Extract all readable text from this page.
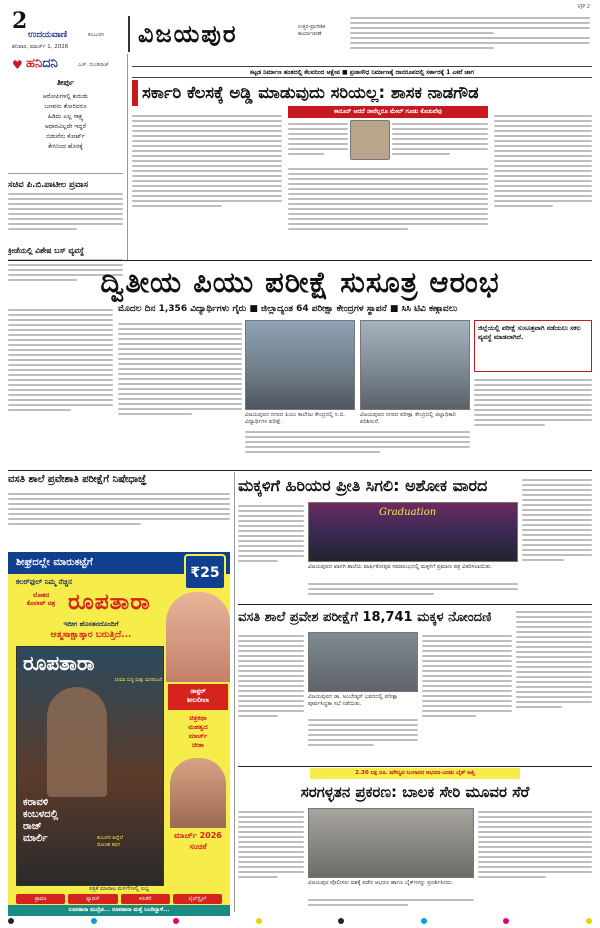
2
ಉದಯವಾಣಿ	ಕಲಬುರಗಿ
ಶನಿವಾರ, ಮಾರ್ಚ್ 1, 2026	ವಿಜಯಪುರ	ಉತ್ತರ-ಪ್ರಾದೇಶಿಕ
ಕಾರ್ಯಾಚರಣೆ
VJP 2
♥ ಹನಿದನಿ	ಎಚ್. ದುಂಡಿರಾಜ್
ತೀರ್ಪು
ಆರೋಪಿಗಳಲ್ಲಿ ಕುರುಡು
ಬಣವನು ತೋರಿದರೂ
ಹಿಡಿದು ಎಲ್ಲ ಸಾಕ್ಷ್ಯ
ಆಧಾರವಿಲ್ಲದೇ ಇದ್ದರೆ
ಬಿಡುವೆನು ಕೋರ್ಟ್
ಕೇಸಿನಿಂದ ಹೊರಕ್ಕೆ
ಸಚಿವ ಪಿ.ಬಿ.ಪಾಟೀಲ ಪ್ರವಾಸ
ಕ್ರೀಡೆಯಲ್ಲಿ ವಿಶೇಷ ಬಸ್ ವ್ಯವಸ್ಥೆ
ಕಟ್ಟಡ ನಿರ್ಮಾಣ ಹಂತದಲ್ಲಿ ಕೆಲವರಿಂದ ಆಕ್ಷೇಪ ■ ಪ್ರಜಾಸೌಧ ನಿರ್ಮಾಣಕ್ಕೆ ದಾನರೂಪದಲ್ಲಿ ಸರ್ಕಾರಕ್ಕೆ 1 ಎಕರೆ ಜಾಗ
ಸರ್ಕಾರಿ ಕೆಲಸಕ್ಕೆ ಅಡ್ಡಿ ಮಾಡುವುದು ಸರಿಯಲ್ಲ: ಶಾಸಕ ನಾಡಗೌಡ
ಕಾನೂನ್ ಆದರೆ ನಾವೆಲ್ಲರೂ ಮೇಲ್ ಗೂಡು ಕೊಡುವೆವು
ದ್ವಿತೀಯ ಪಿಯು ಪರೀಕ್ಷೆ ಸುಸೂತ್ರ ಆರಂಭ
ಮೊದಲ ದಿನ 1,356 ವಿದ್ಯಾರ್ಥಿಗಳು ಗೈರು ■ ಜಿಲ್ಲಾದ್ಯಂತ 64 ಪರೀಕ್ಷಾ ಕೇಂದ್ರಗಳ ಸ್ಥಾಪನೆ ■ ಸಿಸಿ ಟಿವಿ ಕಣ್ಗಾವಲು
ವಿಜಯಪುರದ ನಗರದ ಪಿಯು ಕಾಲೇಜು ಕೇಂದ್ರದಲ್ಲಿ ಸಿ.ಬಿ. ವಿದ್ಯಾರ್ಥಿಗಳ ಪರೀಕ್ಷೆ.
ವಿಜಯಪುರದ ನಗರದ ಪರೀಕ್ಷಾ ಕೇಂದ್ರದಲ್ಲಿ ಜಿಲ್ಲಾಧಿಕಾರಿ ಪರಿಶೀಲನೆ.
ಜಿಲ್ಲೆಯಲ್ಲಿ ಪರೀಕ್ಷೆ ಸುಸೂತ್ರವಾಗಿ ನಡೆಯಲು ಸಕಲ ವ್ಯವಸ್ಥೆ ಮಾಡಲಾಗಿದೆ.
ವಸತಿ ಶಾಲೆ ಪ್ರವೇಶಾತಿ ಪರೀಕ್ಷೆಗೆ ನಿಷೇಧಾಜ್ಞೆ
ಶೀಘ್ರದಲ್ಲೇ ಮಾರುಕಟ್ಟೆಗೆ
₹25
ಕಲರ್‌ಫುಲ್ ನಿಮ್ಮ ನೆಚ್ಚಿನ
ಲೋಕದ
ಕೊಲಾಜ್ ಚಿತ್ರ ರೂಪತಾರಾ
ಇದೀಗ ಹೊಸತನದೊಂದಿಗೆ
ಆತ್ಮಸಾಕ್ಷಾತ್ಕಾರ ಬರುತ್ತಿದೆ...
ರೂಪತಾರಾ
ಸಿನಿಮಾ ಸುದ್ದಿ ಮತ್ತು ಮನರಂಜನೆ
ಕರಾವಳಿ
ಕಂಬಳದಲ್ಲಿ
ರಾಜ್
ಮಾರ್ಲಿ	ಕಂಬಳದ ಹಿನ್ನೆಲೆ
ರೋಚಕ ಕಥನ
ಡಾಕ್ಟರ್
ಶೀಲಲೀಲಾ
ಚಿತ್ರಕಥಾ
ಮಹತ್ವದ
ಮಾರ್ಚ್
ಚೀತಾ
ಮಾರ್ಚ್ 2026
ಸಂಚಿಕೆ
ಪತ್ರಿಕೆ ಮಾರಾಟ ಮಳಿಗೆಗಳಲ್ಲಿ ಲಭ್ಯ
ಡ್ರಾಮಾ	ಫ್ಯಾಷನ್	ಕಿರುತೆರೆ	ಲೈಫ್‌ಸ್ಟೈಲ್
ರೂಪತಾರಾ ಮುದ್ರಿತ... ರೂಪತಾರಾ ಮತ್ತೆ ಬಂದಿದ್ದಾಳೆ...
ಮಕ್ಕಳಿಗೆ ಹಿರಿಯರ ಪ್ರೀತಿ ಸಿಗಲಿ: ಅಶೋಕ ವಾರದ
Graduation
ವಿಜಯಪುರದ ಖಾಸಗಿ ಶಾಲೆಯ ವಾರ್ಷಿಕೋತ್ಸವ ಸಮಾರಂಭದಲ್ಲಿ ಮಕ್ಕಳಿಗೆ ಪ್ರಮಾಣ ಪತ್ರ ವಿತರಿಸಲಾಯಿತು.
ವಸತಿ ಶಾಲೆ ಪ್ರವೇಶ ಪರೀಕ್ಷೆಗೆ 18,741 ಮಕ್ಕಳ ನೋಂದಣಿ
ವಿಜಯಪುರದ ಡಾ. ಅಂಬೇಡ್ಕರ್ ಭವನದಲ್ಲಿ ಪರೀಕ್ಷಾ ಪೂರ್ವಸಿದ್ಧತಾ ಸಭೆ ನಡೆಯಿತು.
2.30 ಲಕ್ಷ ರೂ. ಮೌಲ್ಯದ ಬಂಗಾರದ ಆಭರಣ-ಎರಡು ಬೈಕ್ ಜಪ್ತಿ
ಸರಗಳ್ಳತನ ಪ್ರಕರಣ: ಬಾಲಕ ಸೇರಿ ಮೂವರ ಸೆರೆ
ವಿಜಯಪುರ ಪೊಲೀಸರು ವಶಕ್ಕೆ ಪಡೆದ ಆಭರಣ ಹಾಗೂ ಬೈಕ್‌ಗಳನ್ನು ಪ್ರದರ್ಶಿಸಿದರು.
